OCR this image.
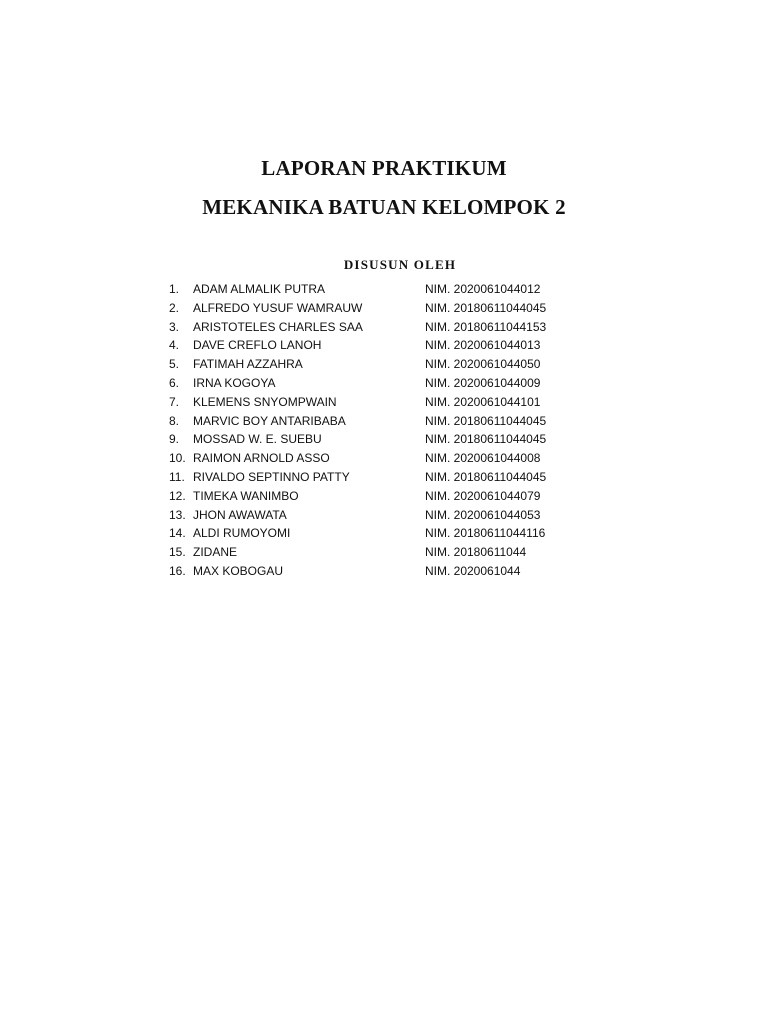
LAPORAN PRAKTIKUM
MEKANIKA BATUAN KELOMPOK 2
DISUSUN OLEH
1. ADAM ALMALIK PUTRA	NIM. 2020061044012
2. ALFREDO YUSUF WAMRAUW	NIM. 20180611044045
3. ARISTOTELES CHARLES SAA	NIM. 20180611044153
4. DAVE CREFLO LANOH	NIM. 2020061044013
5. FATIMAH AZZAHRA	NIM. 2020061044050
6. IRNA KOGOYA	NIM. 2020061044009
7. KLEMENS SNYOMPWAIN	NIM. 2020061044101
8. MARVIC BOY ANTARIBABA	NIM. 20180611044045
9. MOSSAD W. E. SUEBU	NIM. 20180611044045
10. RAIMON ARNOLD ASSO	NIM. 2020061044008
11. RIVALDO SEPTINNO PATTY	NIM. 20180611044045
12. TIMEKA WANIMBO	NIM. 2020061044079
13. JHON AWAWATA	NIM. 2020061044053
14. ALDI RUMOYOMI	NIM. 20180611044116
15. ZIDANE	NIM. 20180611044
16. MAX KOBOGAU	NIM. 2020061044
